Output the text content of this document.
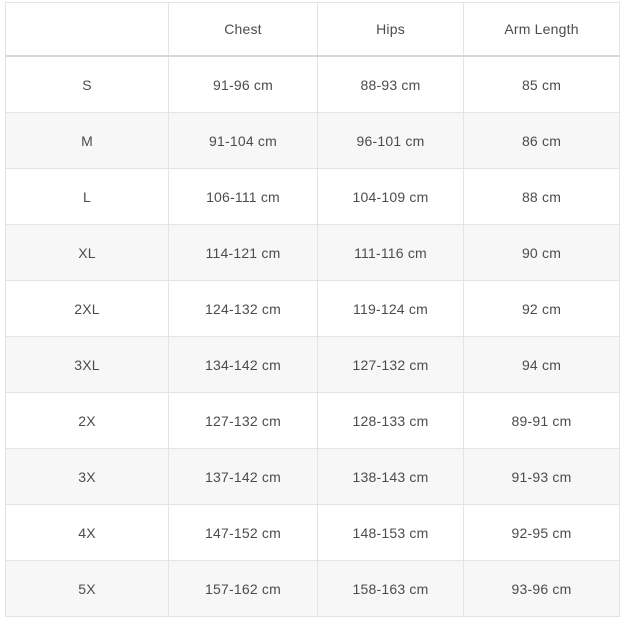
	Chest	Hips	Arm Length
S	91-96 cm	88-93 cm	85 cm
M	91-104 cm	96-101 cm	86 cm
L	106-111 cm	104-109 cm	88 cm
XL	114-121 cm	111-116 cm	90 cm
2XL	124-132 cm	119-124 cm	92 cm
3XL	134-142 cm	127-132 cm	94 cm
2X	127-132 cm	128-133 cm	89-91 cm
3X	137-142 cm	138-143 cm	91-93 cm
4X	147-152 cm	148-153 cm	92-95 cm
5X	157-162 cm	158-163 cm	93-96 cm
